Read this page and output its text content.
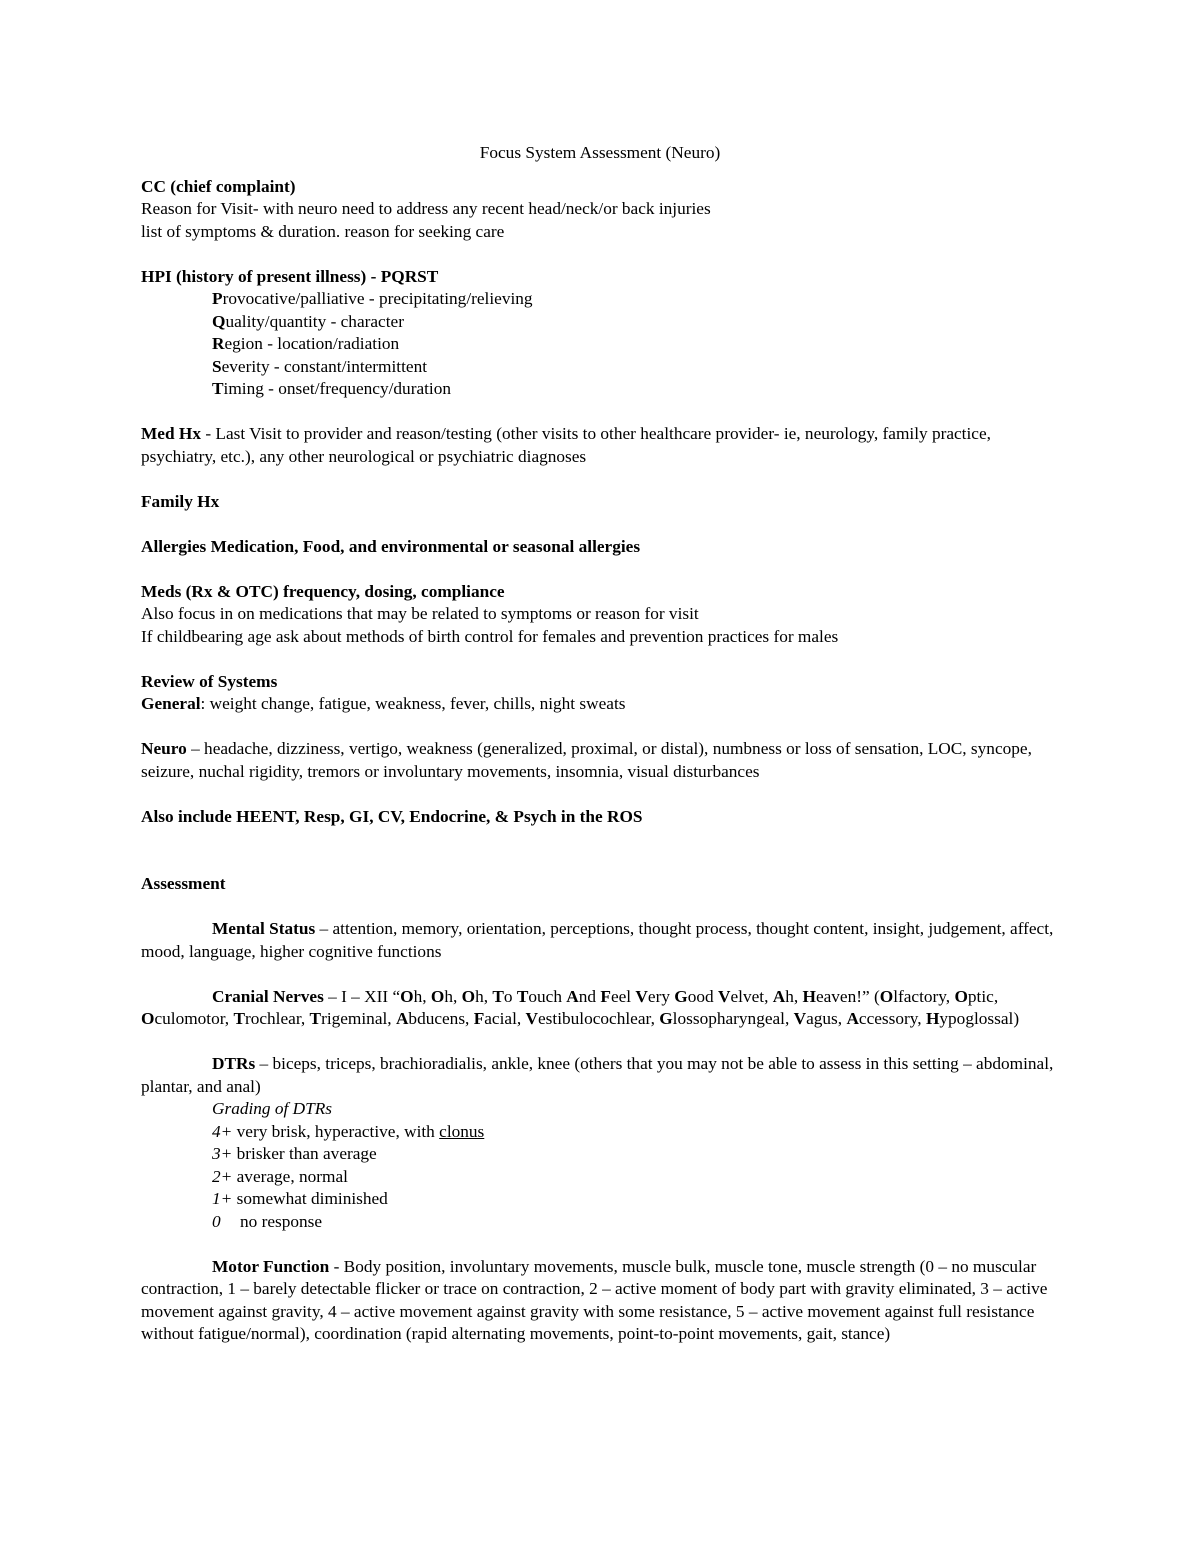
Focus System Assessment (Neuro)

CC (chief complaint)

Reason for Visit- with neuro need to address any recent head/neck/or back injuries

list of symptoms & duration. reason for seeking care

HPI (history of present illness) - PQRST

Provocative/palliative - precipitating/relieving

Quality/quantity - character

Region - location/radiation

Severity - constant/intermittent

Timing - onset/frequency/duration

Med Hx - Last Visit to provider and reason/testing (other visits to other healthcare provider- ie, neurology, family practice, psychiatry, etc.), any other neurological or psychiatric diagnoses

Family Hx

Allergies Medication, Food, and environmental or seasonal allergies

Meds (Rx & OTC) frequency, dosing, compliance

Also focus in on medications that may be related to symptoms or reason for visit

If childbearing age ask about methods of birth control for females and prevention practices for males

Review of Systems

General: weight change, fatigue, weakness, fever, chills, night sweats

Neuro – headache, dizziness, vertigo, weakness (generalized, proximal, or distal), numbness or loss of sensation, LOC, syncope, seizure, nuchal rigidity, tremors or involuntary movements, insomnia, visual disturbances

Also include HEENT, Resp, GI, CV, Endocrine, & Psych in the ROS

Assessment

Mental Status – attention, memory, orientation, perceptions, thought process, thought content, insight, judgement, affect, mood, language, higher cognitive functions

Cranial Nerves – I – XII “Oh, Oh, Oh, To Touch And Feel Very Good Velvet, Ah, Heaven!” (Olfactory, Optic, Oculomotor, Trochlear, Trigeminal, Abducens, Facial, Vestibulocochlear, Glossopharyngeal, Vagus, Accessory, Hypoglossal)

DTRs – biceps, triceps, brachioradialis, ankle, knee (others that you may not be able to assess in this setting – abdominal, plantar, and anal)

Grading of DTRs

4+ very brisk, hyperactive, with clonus

3+ brisker than average

2+ average, normal

1+ somewhat diminished

0 no response

Motor Function - Body position, involuntary movements, muscle bulk, muscle tone, muscle strength (0 – no muscular contraction, 1 – barely detectable flicker or trace on contraction, 2 – active moment of body part with gravity eliminated, 3 – active movement against gravity, 4 – active movement against gravity with some resistance, 5 – active movement against full resistance without fatigue/normal), coordination (rapid alternating movements, point-to-point movements, gait, stance)
